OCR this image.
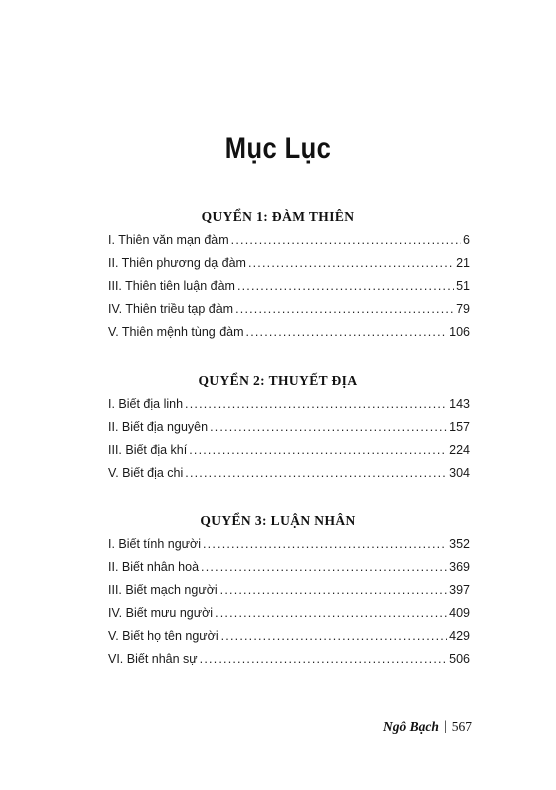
Mục Lục
QUYỂN 1: ĐÀM THIÊN
I. Thiên văn mạn đàm .....	6
II. Thiên phương dạ đàm .....	21
III. Thiên tiên luận đàm .....	51
IV. Thiên triều tạp đàm .....	79
V. Thiên mệnh tùng đàm .....	106
QUYỂN 2: THUYẾT ĐỊA
I. Biết địa linh .....	143
II. Biết địa nguyên .....	157
III. Biết địa khí .....	224
V. Biết địa chi .....	304
QUYỂN 3: LUẬN NHÂN
I. Biết tính người .....	352
II. Biết nhân hoà .....	369
III. Biết mạch người .....	397
IV. Biết mưu người .....	409
V. Biết họ tên người .....	429
VI. Biết nhân sự .....	506
Ngô Bạch | 567
